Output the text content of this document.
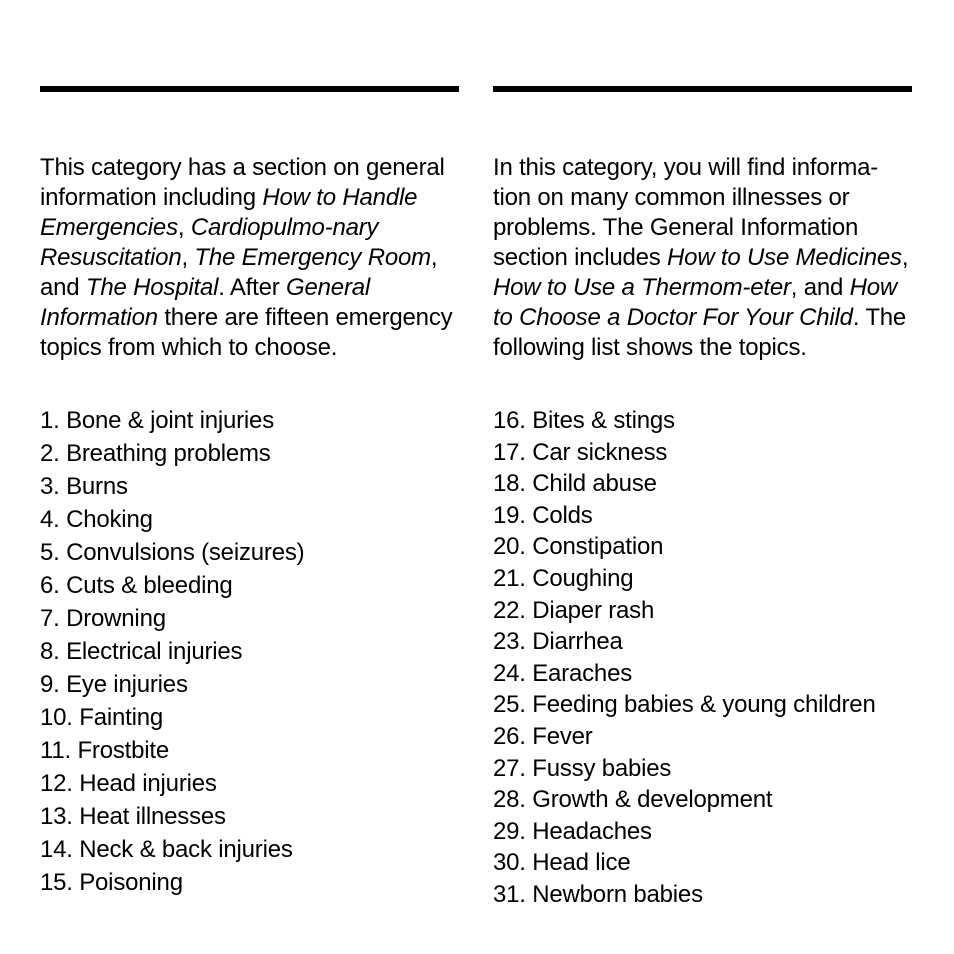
This category has a section on general information including How to Handle Emergencies, Cardiopulmo-nary Resuscitation, The Emergency Room, and The Hospital. After General Information there are fifteen emergency topics from which to choose.

1. Bone & joint injuries
2. Breathing problems
3. Burns
4. Choking
5. Convulsions (seizures)
6. Cuts & bleeding
7. Drowning
8. Electrical injuries
9. Eye injuries
10. Fainting
11. Frostbite
12. Head injuries
13. Heat illnesses
14. Neck & back injuries
15. Poisoning

In this category, you will find informa-tion on many common illnesses or problems. The General Information section includes How to Use Medicines, How to Use a Thermom-eter, and How to Choose a Doctor For Your Child. The following list shows the topics.

16. Bites & stings
17. Car sickness
18. Child abuse
19. Colds
20. Constipation
21. Coughing
22. Diaper rash
23. Diarrhea
24. Earaches
25. Feeding babies & young children
26. Fever
27. Fussy babies
28. Growth & development
29. Headaches
30. Head lice
31. Newborn babies
